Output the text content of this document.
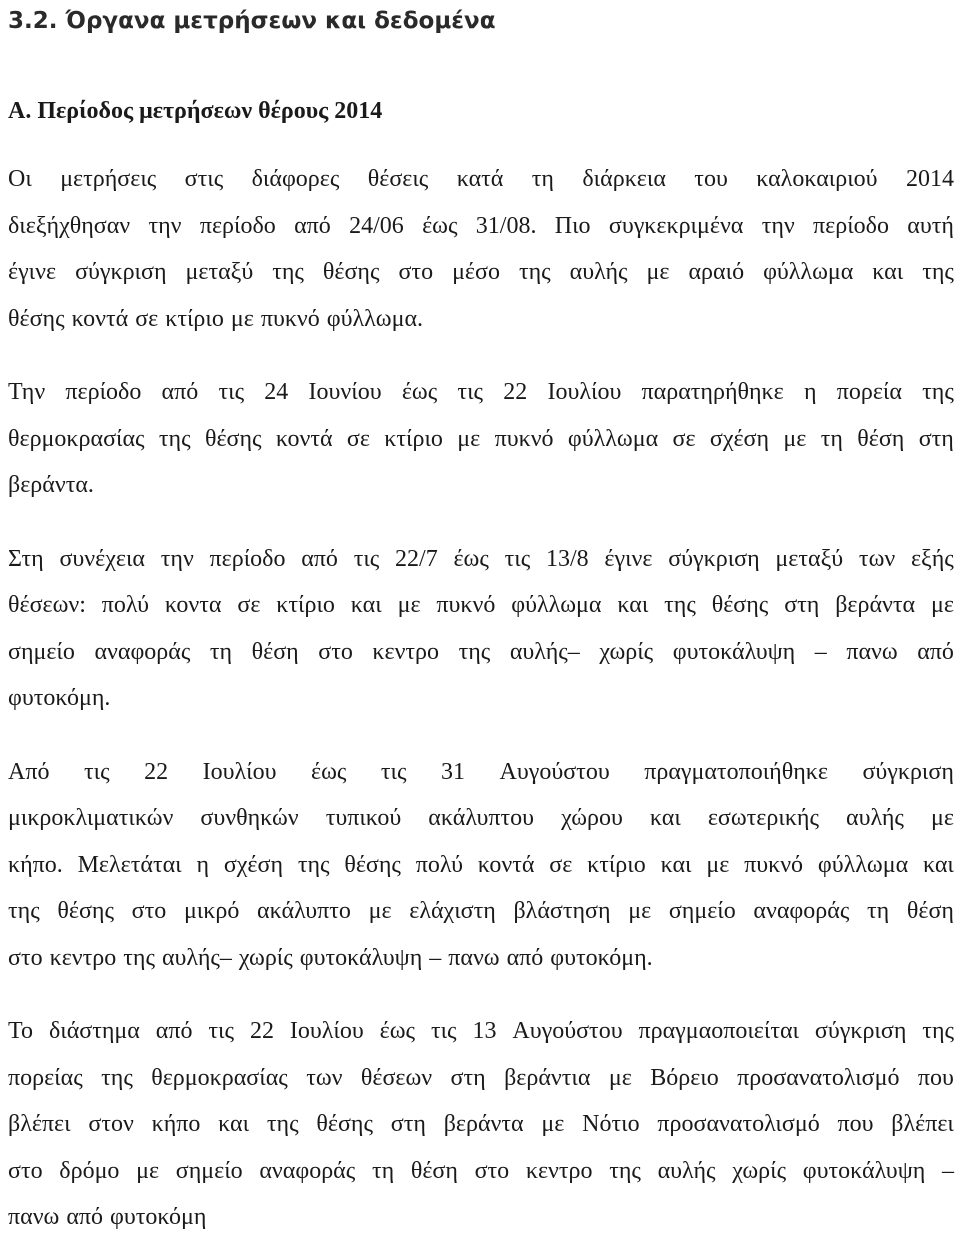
3.2. Όργανα μετρήσεων και δεδομένα
Α. Περίοδος μετρήσεων θέρους 2014
Οι μετρήσεις στις διάφορες θέσεις κατά τη διάρκεια του καλοκαιριού 2014
διεξήχθησαν την περίοδο από 24/06 έως 31/08. Πιο συγκεκριμένα την περίοδο αυτή
έγινε σύγκριση μεταξύ της θέσης στο μέσο της αυλής με αραιό φύλλωμα και της
θέσης κοντά σε κτίριο με πυκνό φύλλωμα.
Την περίοδο από τις 24 Ιουνίου έως τις 22 Ιουλίου παρατηρήθηκε η πορεία της
θερμοκρασίας της θέσης κοντά σε κτίριο με πυκνό φύλλωμα σε σχέση με τη θέση στη
βεράντα.
Στη συνέχεια την περίοδο από τις 22/7 έως τις 13/8 έγινε σύγκριση μεταξύ των εξής
θέσεων: πολύ κοντα σε κτίριο και με πυκνό φύλλωμα και της θέσης στη βεράντα με
σημείο αναφοράς τη θέση στο κεντρο της αυλής– χωρίς φυτοκάλυψη – πανω από
φυτοκόμη.
Από τις 22 Ιουλίου έως τις 31 Αυγούστου πραγματοποιήθηκε σύγκριση
μικροκλιματικών συνθηκών τυπικού ακάλυπτου χώρου και εσωτερικής αυλής με
κήπο. Μελετάται η σχέση της θέσης πολύ κοντά σε κτίριο και με πυκνό φύλλωμα και
της θέσης στο μικρό ακάλυπτο με ελάχιστη βλάστηση με σημείο αναφοράς τη θέση
στο κεντρο της αυλής– χωρίς φυτοκάλυψη – πανω από φυτοκόμη.
Το διάστημα από τις 22 Ιουλίου έως τις 13 Αυγούστου πραγμαοποιείται σύγκριση της
πορείας της θερμοκρασίας των θέσεων στη βεράντια με Βόρειο προσανατολισμό που
βλέπει στον κήπο και της θέσης στη βεράντα με Νότιο προσανατολισμό που βλέπει
στο δρόμο με σημείο αναφοράς τη θέση στο κεντρο της αυλής χωρίς φυτοκάλυψη –
πανω από φυτοκόμη
